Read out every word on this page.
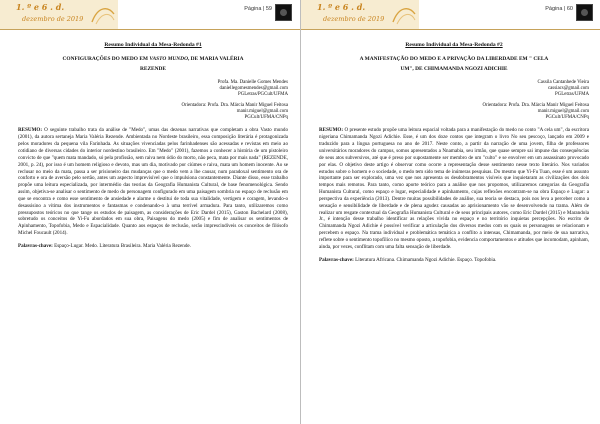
1. º e 6 . d.
dezembro de 2019
Página | 59
Resumo Individual da Mesa-Redonda #1
CONFIGURAÇÕES DO MEDO EM VASTO MUNDO, DE MARIA VALÉRIA
REZENDE
Profa. Ma. Danielle Gomes Mendes
daniellegomesmendes@gmail.com
PGLetras/PGCult/UFMA
Orientadora: Profa. Dra. Márcia Manir Miguel Feitosa
manir.miguel@gmail.com
PGCult/UFMA/CNPq

RESUMO: O seguinte trabalho trata da análise de "Medo", umas das dezenas narrativas que completam a obra Vasto mundo (2001), da autora sertaneja Maria Valéria Rezende. Ambientada no Nordeste brasileiro, essa composição literária é protagonizada pelos moradores da pequena vila Farinhada. As situações vivenciadas pelos farinhadenses são acessadas e revistas em meio ao cotidiano de diversas cidades do interior nordestino brasileiro. Em "Medo" (2001), fazemos a conhecer a história de um pistoleiro convicto de que "quem mata mandado, só pela profissão, sem raiva nem ódio do morto, não peca, mata por mais nada" (REZENDE, 2001, p. 24), por isso é um homem religioso e devoto, mas um dia, motivado por ciúmes e raiva, mata um homem inocente. Ao se reclusar no meio da mata, passa a ser prisioneiro das mudanças que o medo vem a lhe causar, num paradoxal sentimento ora de conforto e ora de aversão pelo sertão, antes um aspecto imprevisível que o impulsiona constantemente. Diante disso, esse trabalho propõe uma leitura especializada, por intermédio das teorias da Geografia Humanista Cultural, de base fenomenológica. Sendo assim, objetiva-se analisar o sentimento de medo do personagem configurado em uma paisagem sombria no espaço de reclusão em que se encontra e como esse sentimento de ansiedade e alarme o destitui de toda sua vitalidade, vertigem e coragem, levando-o desassisino a vítima dos instrumentos e fantasmas e condenando-o à uma terrível armadura. Para tanto, utilizaremos como pressupostos teóricos no que tange os estudos de paisagem, as considerações de Eric Dardel (2015), Gaston Bachelard (2008), sobretudo os conceitos de Yi-Fu abordados em sua obra, Paisagens do medo (2005) e fim de analisar os sentimentos de Apinhamento, Topofobia, Medo e Espacialidade. Quanto aos espaços de reclusão, serão imprescindíveis os conceitos de filósofo Michel Foucault (2014).

Palavras-chave: Espaço-Lugar. Medo. Literatura Brasileira. Maria Valéria Rezende.

1. º e 6 . d.
dezembro de 2019
Página | 60
Resumo Individual da Mesa-Redonda #2
A MANIFESTAÇÃO DO MEDO E A PRIVAÇÃO DA LIBERDADE EM " CELA
UM", DE CHIMAMANDA NGOZI ADICHIE
Cassila Cantanhede Vieira
cassiacs@gmail.com
PGLetras/UFMA
Orientadora: Profa. Dra. Márcia Manir Miguel Feitosa
manir.miguel@gmail.com
PGCult/UFMA/CNPq

RESUMO: O presente estudo propõe uma leitura espacial voltada para a manifestação do medo no conto "A cela um", da escritora nigeriana Chimamanda Ngozi Adichie. Esse, é um dos doze contos que integram o livro No seu pescoço, lançado em 2009 e traduzido para a língua portuguesa no ano de 2017. Neste conto, a partir da narração de uma jovem, filha de professores universitários moradores do campus, somos apresentados a Nnamabia, seu irmão, que quase sempre sai impune das consequências de seus atos subversivos, até que é preso por supostamente ser membro de um "culto" e se envolver em um assassinato provocado por elas. O objetivo deste artigo é observar como ocorre a representação desse sentimento nesse texto literário. Nos variados estudos sobre o homem e o sociedade, o medo tem sido tema de inúmeras pesquisas. Do mesmo que Yi-Fu Tuan, esse é um assunto importante para ser explorado, uma vez que nos apresenta os desdobramentos visíveis que inquietaram as civilizações dos dois tempos mais remotos. Para tanto, como aporte teórico para a análise que nos propomos, utilizaremos categorias da Geografia Humanista Cultural, como espaço e lugar, especialidade e apinhamento, cujas reflexões encontram-se na obra Espaço e Lugar: a perspectiva da experiência (2013). Dentre muitas possibilidades de análise, sua teoria se destaca, pois nos leva a perceber como a sensação e sensibilidade de liberdade e de plena agudez causadas ao aprisionamento vão se desenvolvendo na trama. Além de realizar um resgate contextual da Geografia Humanista Cultural e de seus principais autores, como Eric Dardel (2015) e Marandola Jr., é intenção desse trabalho identificar as relações vivida no espaço e no território inquietas percepções. No escrito de Chimamanda Ngozi Adichie é possível verificar a articulação dos diversos medos com os quais os personagens se relacionam e percebem o espaço. Na trama individual e problemática temática a conflito a intensas, Chimamanda, por meio de sua narrativa, reflete sobre o sentimento topofílico no mesmo oposto, a topofobia, evidencia comportamentos e atitudes que incomodam, apinham, ainda, por vezes, conflitam com uma falta sensação de liberdade.

Palavras-chave: Literatura Africana. Chimamanda Ngozi Adichie. Espaço. Topofobia.
